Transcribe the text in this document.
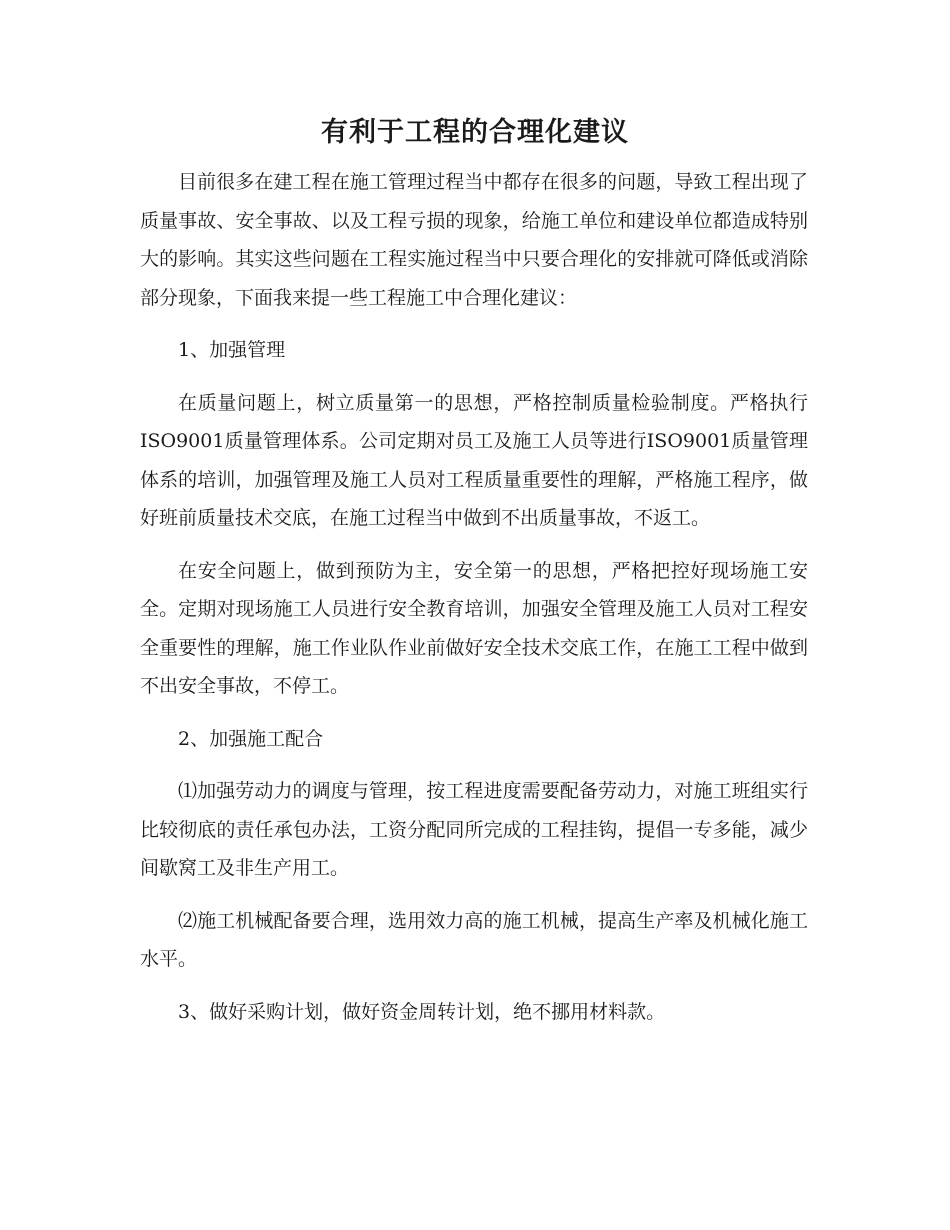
有利于工程的合理化建议

目前很多在建工程在施工管理过程当中都存在很多的问题，导致工程出现了质量事故、安全事故、以及工程亏损的现象，给施工单位和建设单位都造成特别大的影响。其实这些问题在工程实施过程当中只要合理化的安排就可降低或消除部分现象，下面我来提一些工程施工中合理化建议：

1、加强管理

在质量问题上，树立质量第一的思想，严格控制质量检验制度。严格执行ISO9001质量管理体系。公司定期对员工及施工人员等进行ISO9001质量管理体系的培训，加强管理及施工人员对工程质量重要性的理解，严格施工程序，做好班前质量技术交底，在施工过程当中做到不出质量事故，不返工。

在安全问题上，做到预防为主，安全第一的思想，严格把控好现场施工安全。定期对现场施工人员进行安全教育培训，加强安全管理及施工人员对工程安全重要性的理解，施工作业队作业前做好安全技术交底工作，在施工工程中做到不出安全事故，不停工。

2、加强施工配合

⑴加强劳动力的调度与管理，按工程进度需要配备劳动力，对施工班组实行比较彻底的责任承包办法，工资分配同所完成的工程挂钩，提倡一专多能，减少间歇窝工及非生产用工。

⑵施工机械配备要合理，选用效力高的施工机械，提高生产率及机械化施工水平。

3、做好采购计划，做好资金周转计划，绝不挪用材料款。
